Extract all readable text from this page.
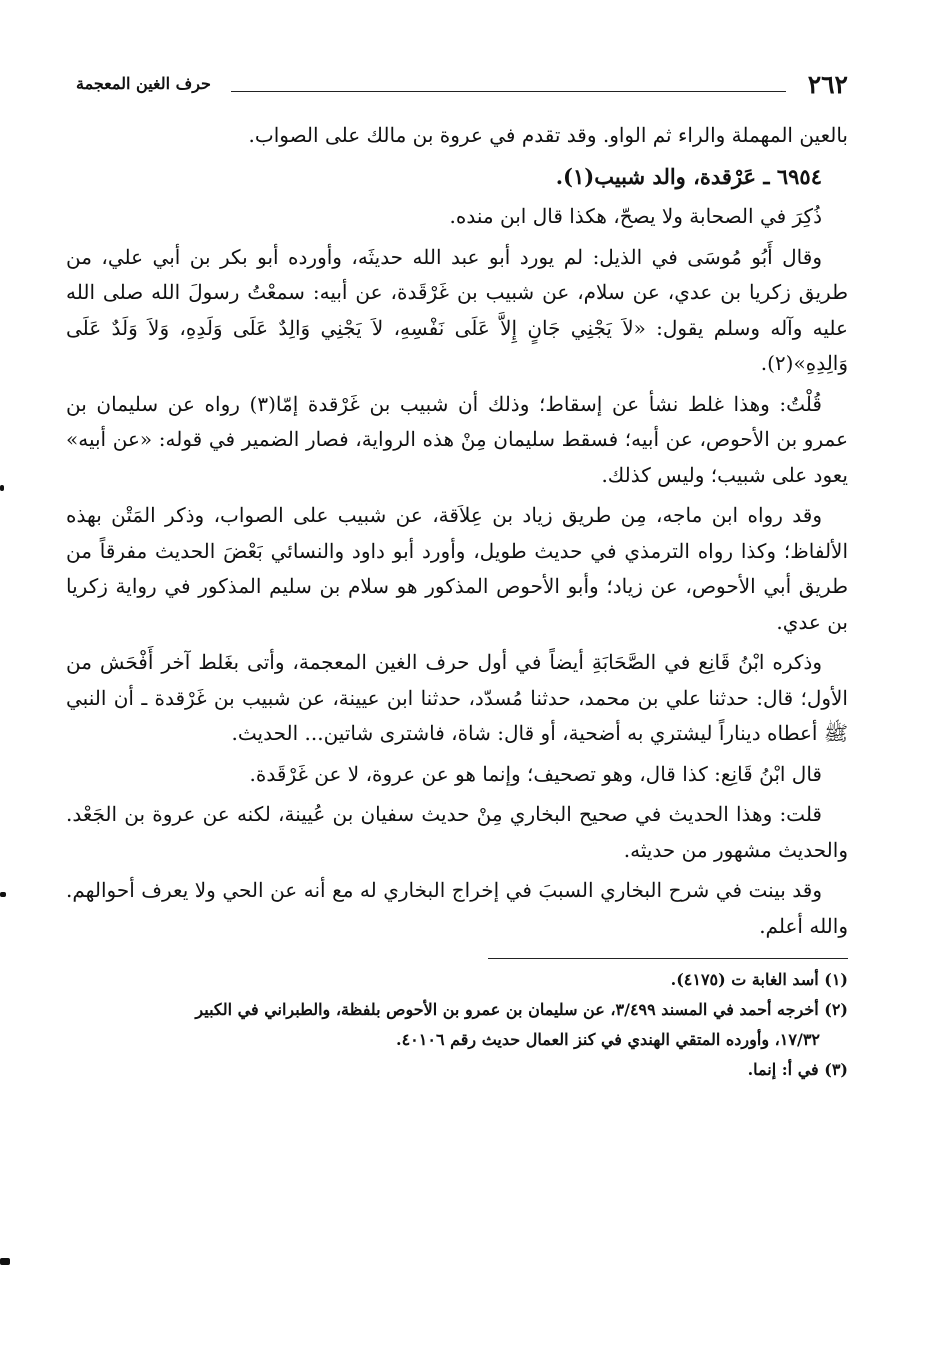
٢٦٢
حرف الغين المعجمة

بالعين المهملة والراء ثم الواو. وقد تقدم في عروة بن مالك على الصواب.

٦٩٥٤ ـ عَرْقدة، والد شبيب(١).

ذُكِرَ في الصحابة ولا يصحّ، هكذا قال ابن منده.

وقال أَبُو مُوسَى في الذيل: لم يورد أبو عبد الله حديثَه، وأورده أبو بكر بن أبي علي، من طريق زكريا بن عدي، عن سلام، عن شبيب بن غَرْقَدة، عن أبيه: سمعْتُ رسولَ الله صلى الله عليه وآله وسلم يقول: «لاَ يَجْنِي جَانٍ إِلاَّ عَلَى نَفْسِهِ، لاَ يَجْنِي وَالِدٌ عَلَى وَلَدِهِ، وَلاَ وَلَدٌ عَلَى وَالِدِهِ»(٢).

قُلْتُ: وهذا غلط نشأ عن إسقاط؛ وذلك أن شبيب بن غَرْقدة إمّا(٣) رواه عن سليمان بن عمرو بن الأحوص، عن أبيه؛ فسقط سليمان مِنْ هذه الرواية، فصار الضمير في قوله: «عن أبيه» يعود على شبيب؛ وليس كذلك.

وقد رواه ابن ماجه، مِن طريق زياد بن عِلاَقة، عن شبيب على الصواب، وذكر المَتْن بهذه الألفاظ؛ وكذا رواه الترمذي في حديث طويل، وأورد أبو داود والنسائي بَعْضَ الحديث مفرقاً من طريق أبي الأحوص، عن زياد؛ وأبو الأحوص المذكور هو سلام بن سليم المذكور في رواية زكريا بن عدي.

وذكره ابْنُ قَانِع في الصَّحَابَةِ أيضاً في أول حرف الغين المعجمة، وأتى بغَلط آخر أَفْحَش من الأول؛ قال: حدثنا علي بن محمد، حدثنا مُسدّد، حدثنا ابن عيينة، عن شبيب بن غَرْقدة ـ أن النبي ﷺ أعطاه ديناراً ليشتري به أضحية، أو قال: شاة، فاشترى شاتين... الحديث.

قال ابْنُ قَانِع: كذا قال، وهو تصحيف؛ وإنما هو عن عروة، لا عن غَرْقَدة.

قلت: وهذا الحديث في صحيح البخاري مِنْ حديث سفيان بن عُيينة، لكنه عن عروة بن الجَعْد. والحديث مشهور من حديثه.

وقد بينت في شرح البخاري السببَ في إخراج البخاري له مع أنه عن الحي ولا يعرف أحوالهم. والله أعلم.

(١) أسد الغابة ت (٤١٧٥).

(٢) أخرجه أحمد في المسند ٣/٤٩٩، عن سليمان بن عمرو بن الأحوص بلفظة، والطبراني في الكبير

١٧/٣٢، وأورده المتقي الهندي في كنز العمال حديث رقم ٤٠١٠٦.

(٣) في أ: إنما.
